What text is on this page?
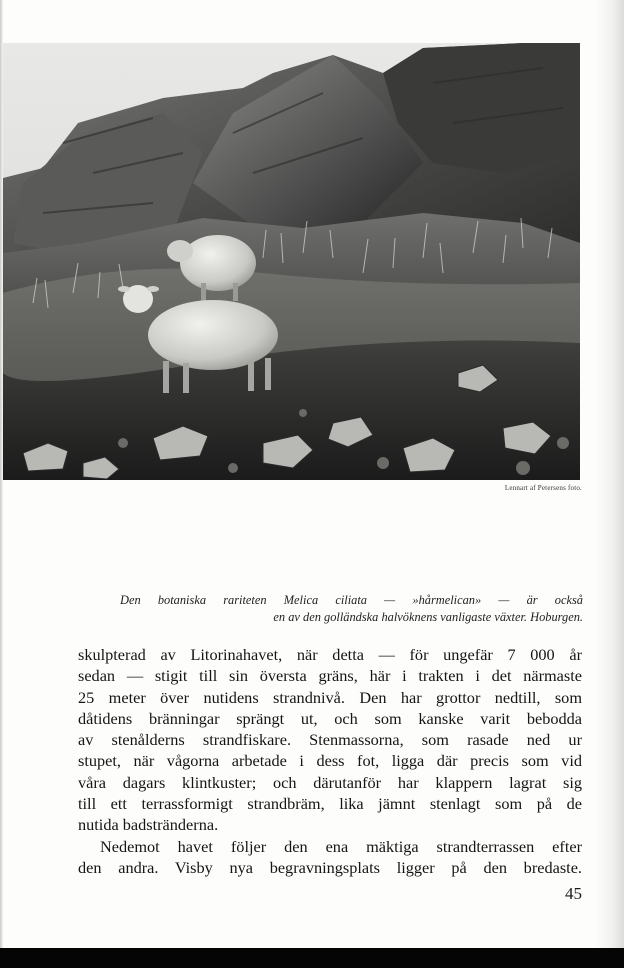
Lennart af Petersens foto.
Den botaniska rariteten Melica ciliata — »hårmelican» — är också
en av den golländska halvöknens vanligaste växter. Hoburgen.
skulpterad av Litorinahavet, när detta — för ungefär 7 000 år
sedan — stigit till sin översta gräns, här i trakten i det närmaste
25 meter över nutidens strandnivå. Den har grottor nedtill, som
dåtidens bränningar sprängt ut, och som kanske varit bebodda
av stenålderns strandfiskare. Stenmassorna, som rasade ned ur
stupet, när vågorna arbetade i dess fot, ligga där precis som vid
våra dagars klintkuster; och därutanför har klappern lagrat sig
till ett terrassformigt strandbräm, lika jämnt stenlagt som på de
nutida badstränderna.
Nedemot havet följer den ena mäktiga strandterrassen efter
den andra. Visby nya begravningsplats ligger på den bredaste.
45
